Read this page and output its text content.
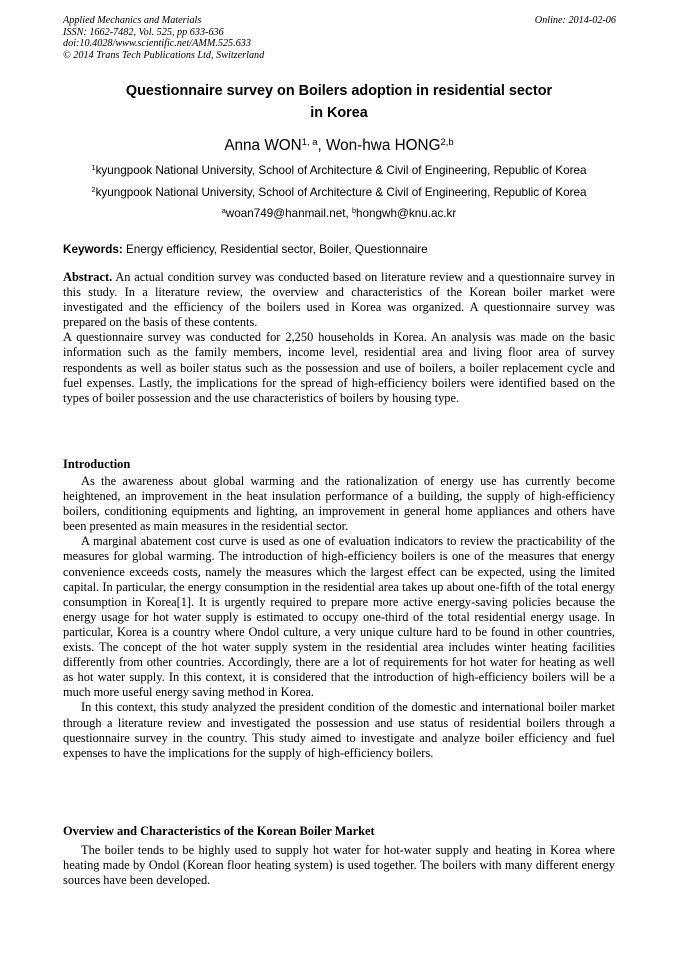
Applied Mechanics and Materials
ISSN: 1662-7482, Vol. 525, pp 633-636
doi:10.4028/www.scientific.net/AMM.525.633
© 2014 Trans Tech Publications Ltd, Switzerland
Online: 2014-02-06
Questionnaire survey on Boilers adoption in residential sector
in Korea
Anna WON$^{1, a}$, Won-hwa HONG$^{2,b}$
$^1$kyungpook National University, School of Architecture & Civil of Engineering, Republic of Korea
$^2$kyungpook National University, School of Architecture & Civil of Engineering, Republic of Korea
$^a$woan749@hanmail.net, $^b$hongwh@knu.ac.kr
Keywords: Energy efficiency, Residential sector, Boiler, Questionnaire

Abstract. An actual condition survey was conducted based on literature review and a questionnaire survey in this study. In a literature review, the overview and characteristics of the Korean boiler market were investigated and the efficiency of the boilers used in Korea was organized. A questionnaire survey was prepared on the basis of these contents.

A questionnaire survey was conducted for 2,250 households in Korea. An analysis was made on the basic information such as the family members, income level, residential area and living floor area of survey respondents as well as boiler status such as the possession and use of boilers, a boiler replacement cycle and fuel expenses. Lastly, the implications for the spread of high-efficiency boilers were identified based on the types of boiler possession and the use characteristics of boilers by housing type.

Introduction

As the awareness about global warming and the rationalization of energy use has currently become heightened, an improvement in the heat insulation performance of a building, the supply of high-efficiency boilers, conditioning equipments and lighting, an improvement in general home appliances and others have been presented as main measures in the residential sector.

A marginal abatement cost curve is used as one of evaluation indicators to review the practicability of the measures for global warming. The introduction of high-efficiency boilers is one of the measures that energy convenience exceeds costs, namely the measures which the largest effect can be expected, using the limited capital. In particular, the energy consumption in the residential area takes up about one-fifth of the total energy consumption in Korea[1]. It is urgently required to prepare more active energy-saving policies because the energy usage for hot water supply is estimated to occupy one-third of the total residential energy usage. In particular, Korea is a country where Ondol culture, a very unique culture hard to be found in other countries, exists. The concept of the hot water supply system in the residential area includes winter heating facilities differently from other countries. Accordingly, there are a lot of requirements for hot water for heating as well as hot water supply. In this context, it is considered that the introduction of high-efficiency boilers will be a much more useful energy saving method in Korea.

In this context, this study analyzed the president condition of the domestic and international boiler market through a literature review and investigated the possession and use status of residential boilers through a questionnaire survey in the country. This study aimed to investigate and analyze boiler efficiency and fuel expenses to have the implications for the supply of high-efficiency boilers.

Overview and Characteristics of the Korean Boiler Market

The boiler tends to be highly used to supply hot water for hot-water supply and heating in Korea where heating made by Ondol (Korean floor heating system) is used together. The boilers with many different energy sources have been developed.
